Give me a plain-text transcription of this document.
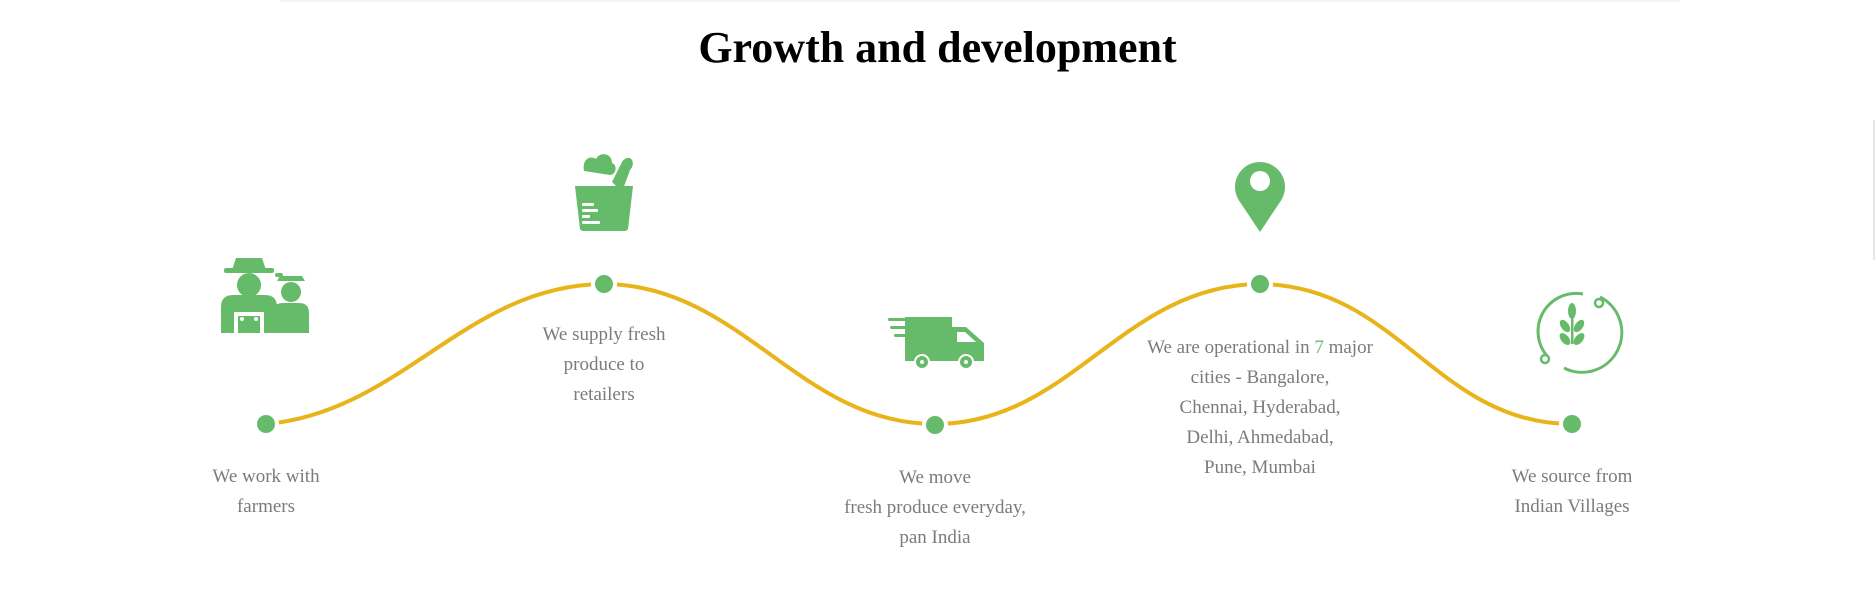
Growth and development
We work with
farmers
We supply fresh
produce to
retailers
We move
fresh produce everyday,
pan India
We are operational in 7 major
cities - Bangalore,
Chennai, Hyderabad,
Delhi, Ahmedabad,
Pune, Mumbai	We source from
Indian Villages
